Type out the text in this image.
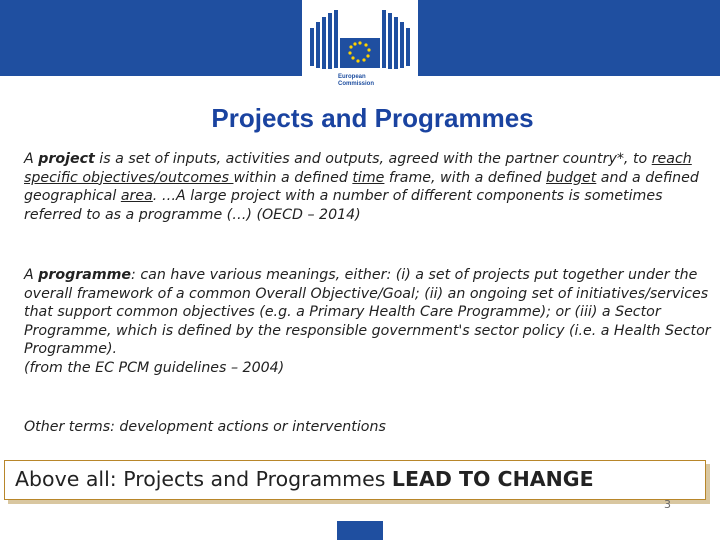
European
Commission
Projects and Programmes
A project is a set of inputs, activities and outputs, agreed with the partner country*, to reach specific objectives/outcomes within a defined time frame, with a defined budget and a defined geographical area. …A large project with a number of different components is sometimes referred to as a programme (…) (OECD – 2014)
A programme: can have various meanings, either: (i) a set of projects put together under the overall framework of a common Overall Objective/Goal; (ii) an ongoing set of initiatives/services that support common objectives (e.g. a Primary Health Care Programme); or (iii) a Sector Programme, which is defined by the responsible government's sector policy (i.e. a Health Sector Programme).
(from the EC PCM guidelines – 2004)
Other terms: development actions or interventions
Above all: Projects and Programmes LEAD TO CHANGE
3
